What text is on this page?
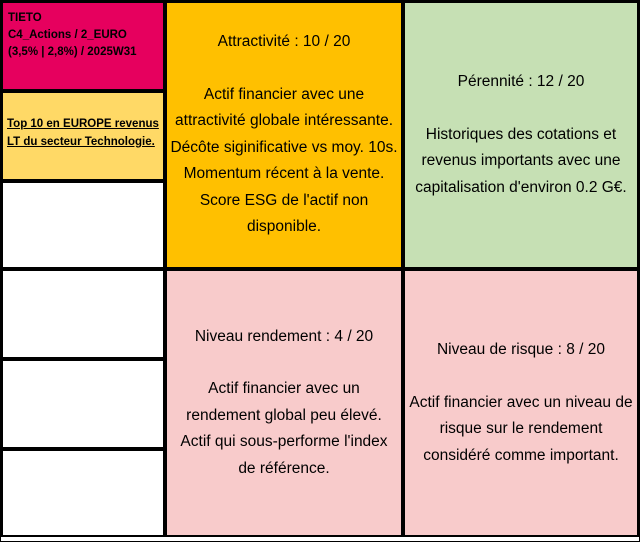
TIETO
C4_Actions / 2_EURO
(3,5% | 2,8%) / 2025W31
Top 10 en EUROPE revenus
LT du secteur Technologie.
Attractivité : 10 / 20
Actif financier avec une
attractivité globale intéressante.
Décôte siginificative vs moy. 10s.
Momentum récent à la vente.
Score ESG de l'actif non
disponible.
Pérennité : 12 / 20
Historiques des cotations et
revenus importants avec une
capitalisation d'environ 0.2 G€.
Niveau rendement : 4 / 20
Actif financier avec un
rendement global peu élevé.
Actif qui sous-performe l'index
de référence.
Niveau de risque : 8 / 20
Actif financier avec un niveau de
risque sur le rendement
considéré comme important.
